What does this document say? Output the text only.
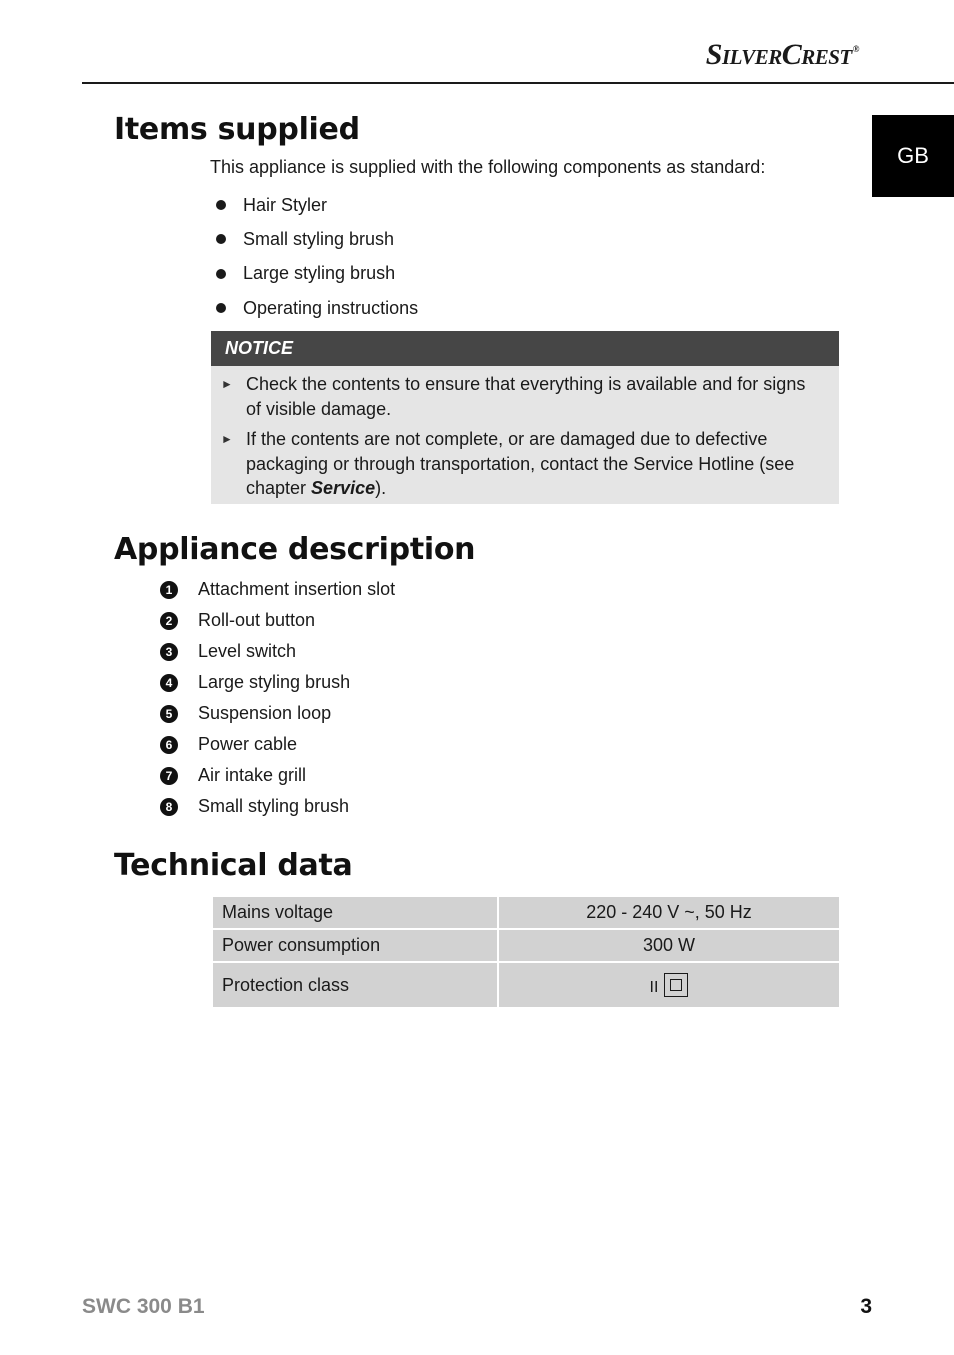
SilverCrest®
GB
Items supplied
This appliance is supplied with the following components as standard:
Hair Styler
Small styling brush
Large styling brush
Operating instructions
NOTICE
► Check the contents to ensure that everything is available and for signs of visible damage.
► If the contents are not complete, or are damaged due to defective packaging or through transportation, contact the Service Hotline (see chapter Service).
Appliance description
1	Attachment insertion slot
2	Roll-out button
3	Level switch
4	Large styling brush
5	Suspension loop
6	Power cable
7	Air intake grill
8	Small styling brush
Technical data
Mains voltage	220 - 240 V ~, 50 Hz
Power consumption	300 W
Protection class	II
SWC 300 B1	3
